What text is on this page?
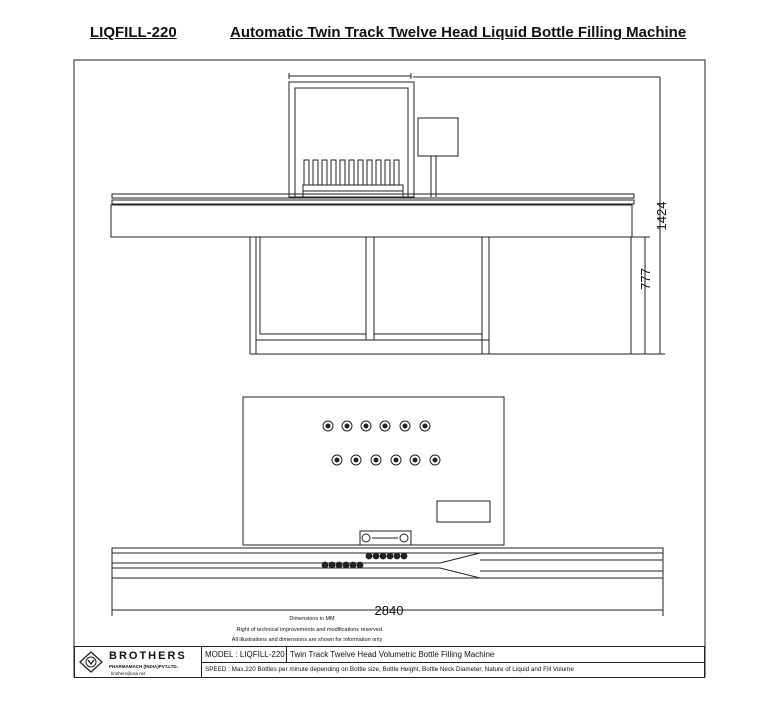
LIQFILL-220	Automatic Twin Track Twelve Head Liquid Bottle Filling Machine
1424
777
2840
Dimensions in MM
Right of technical improvements and modifications reserved.
All illustrations and dimensions are shown for information only
BROTHERS
PHARMAMACH (INDIA)PVT.LTD.
brothers@usa.net
MODEL : LIQFILL-220 Twin Track Twelve Head Volumetric Bottle Filling Machine
SPEED : Max.220 Bottles per minute depending on Bottle size, Bottle Height, Bottle Neck Diameter, Nature of Liquid and Fill Volume
